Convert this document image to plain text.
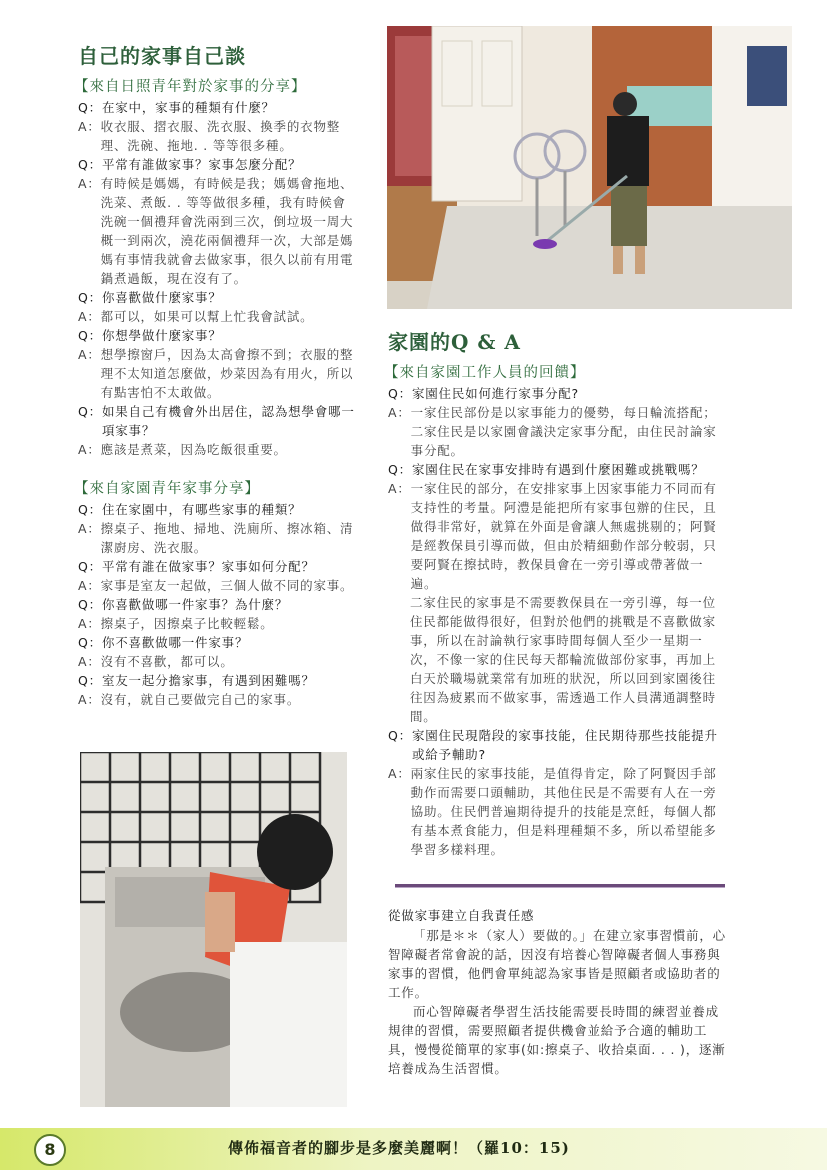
自己的家事自己談
【來自日照青年對於家事的分享】
Q： 在家中，家事的種類有什麼？
A： 收衣服、摺衣服、洗衣服、換季的衣物整理、洗碗、拖地. . 等等很多種。
Q： 平常有誰做家事？家事怎麼分配？
A： 有時候是媽媽，有時候是我；媽媽會拖地、洗菜、煮飯. . 等等做很多種，我有時候會洗碗一個禮拜會洗兩到三次，倒垃圾一周大概一到兩次，澆花兩個禮拜一次，大部是媽媽有事情我就會去做家事，很久以前有用電鍋煮過飯，現在沒有了。
Q： 你喜歡做什麼家事？
A： 都可以，如果可以幫上忙我會試試。
Q： 你想學做什麼家事？
A： 想學擦窗戶，因為太高會擦不到；衣服的整理不太知道怎麼做，炒菜因為有用火，所以有點害怕不太敢做。
Q： 如果自己有機會外出居住，認為想學會哪一項家事？
A： 應該是煮菜，因為吃飯很重要。
【來自家園青年家事分享】
Q： 住在家園中，有哪些家事的種類？
A： 擦桌子、拖地、掃地、洗廁所、擦冰箱、清潔廚房、洗衣服。
Q： 平常有誰在做家事？家事如何分配？
A： 家事是室友一起做，三個人做不同的家事。
Q： 你喜歡做哪一件家事？為什麼？
A： 擦桌子，因擦桌子比較輕鬆。
Q： 你不喜歡做哪一件家事？
A： 沒有不喜歡，都可以。
Q： 室友一起分擔家事，有遇到困難嗎？
A： 沒有，就自己要做完自己的家事。
家園的Q & A
【來自家園工作人員的回饋】
Q： 家園住民如何進行家事分配?
A： 一家住民部份是以家事能力的優勢，每日輪流搭配；二家住民是以家園會議決定家事分配，由住民討論家事分配。
Q： 家園住民在家事安排時有遇到什麼困難或挑戰嗎？
A： 一家住民的部分，在安排家事上因家事能力不同而有支持性的考量。阿澧是能把所有家事包辦的住民，且做得非常好，就算在外面是會讓人無處挑剔的；阿賢是經教保員引導而做，但由於精細動作部分較弱，只要阿賢在擦拭時，教保員會在一旁引導或帶著做一遍。
二家住民的家事是不需要教保員在一旁引導，每一位住民都能做得很好，但對於他們的挑戰是不喜歡做家事，所以在討論執行家事時間每個人至少一星期一次，不像一家的住民每天都輪流做部份家事，再加上白天於職場就業常有加班的狀況，所以回到家園後往往因為疲累而不做家事，需透過工作人員溝通調整時間。
Q： 家園住民現階段的家事技能，住民期待那些技能提升或給予輔助?
A： 兩家住民的家事技能，是值得肯定，除了阿賢因手部動作而需要口頭輔助，其他住民是不需要有人在一旁協助。住民們普遍期待提升的技能是烹飪，每個人都有基本煮食能力，但是料理種類不多，所以希望能多學習多樣料理。
從做家事建立自我責任感

「那是＊＊（家人）要做的。」在建立家事習慣前，心智障礙者常會說的話，因沒有培養心智障礙者個人事務與家事的習慣，他們會單純認為家事皆是照顧者或協助者的工作。

而心智障礙者學習生活技能需要長時間的練習並養成規律的習慣，需要照顧者提供機會並給予合適的輔助工具，慢慢從簡單的家事(如:擦桌子、收拾桌面. . . )，逐漸培養成為生活習慣。

8	傳佈福音者的腳步是多麼美麗啊！（羅10：15)
